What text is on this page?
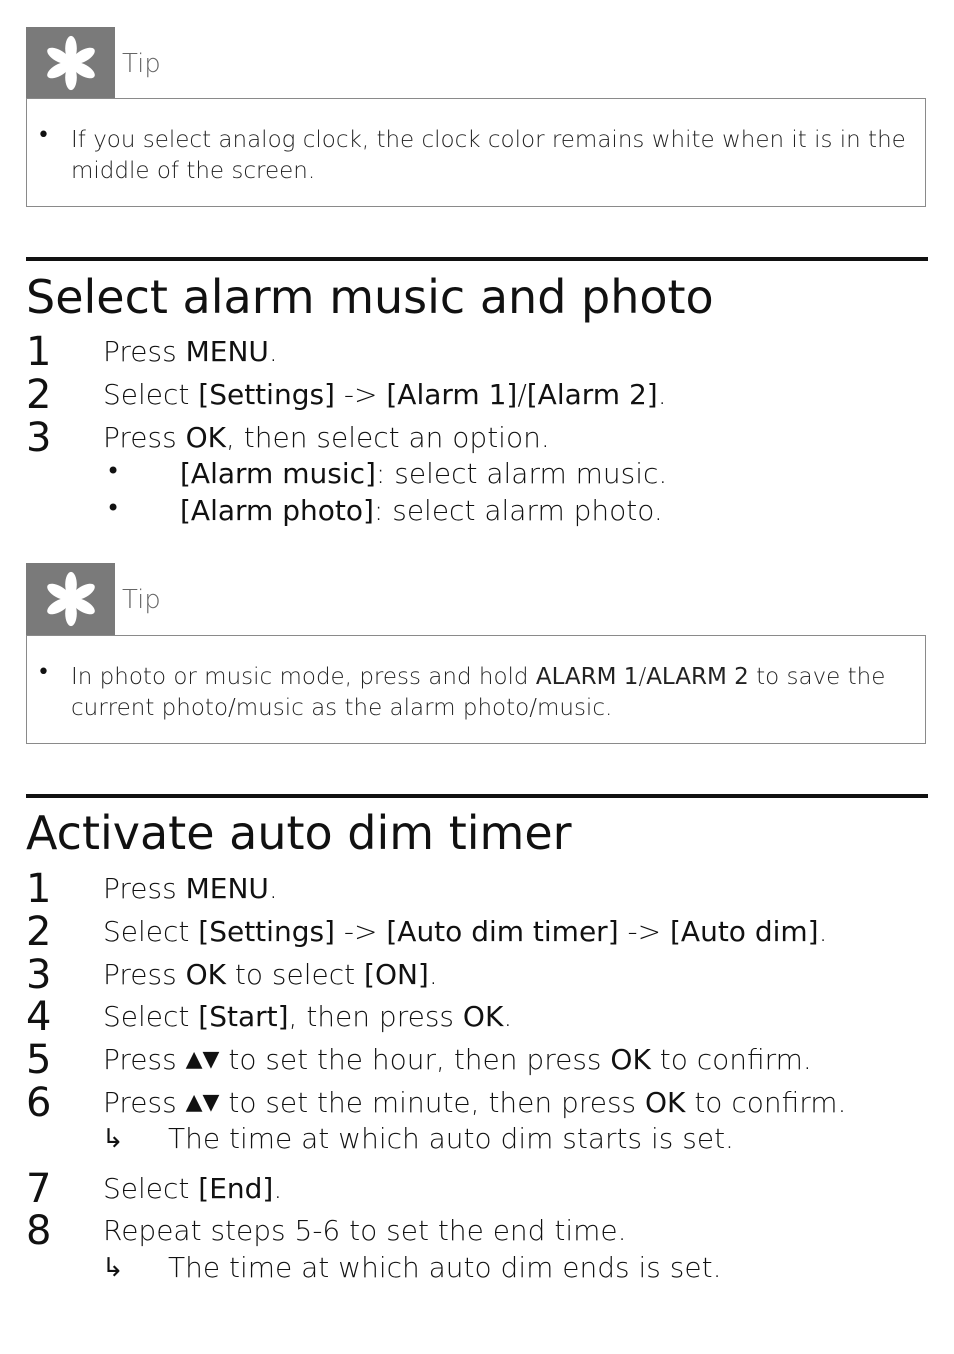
Tip
• If you select analog clock, the clock color remains white when it is in the middle of the screen.
Select alarm music and photo
1 Press MENU.
2 Select [Settings] -> [Alarm 1]/[Alarm 2].
3 Press OK, then select an option.
• [Alarm music]: select alarm music.
• [Alarm photo]: select alarm photo.
Tip
• In photo or music mode, press and hold ALARM 1/ALARM 2 to save the current photo/music as the alarm photo/music.
Activate auto dim timer
1 Press MENU.
2 Select [Settings] -> [Auto dim timer] -> [Auto dim].
3 Press OK to select [ON].
4 Select [Start], then press OK.
5 Press ▲▼ to set the hour, then press OK to confirm.
6 Press ▲▼ to set the minute, then press OK to confirm.
↳ The time at which auto dim starts is set.
7 Select [End].
8 Repeat steps 5-6 to set the end time.
↳ The time at which auto dim ends is set.
